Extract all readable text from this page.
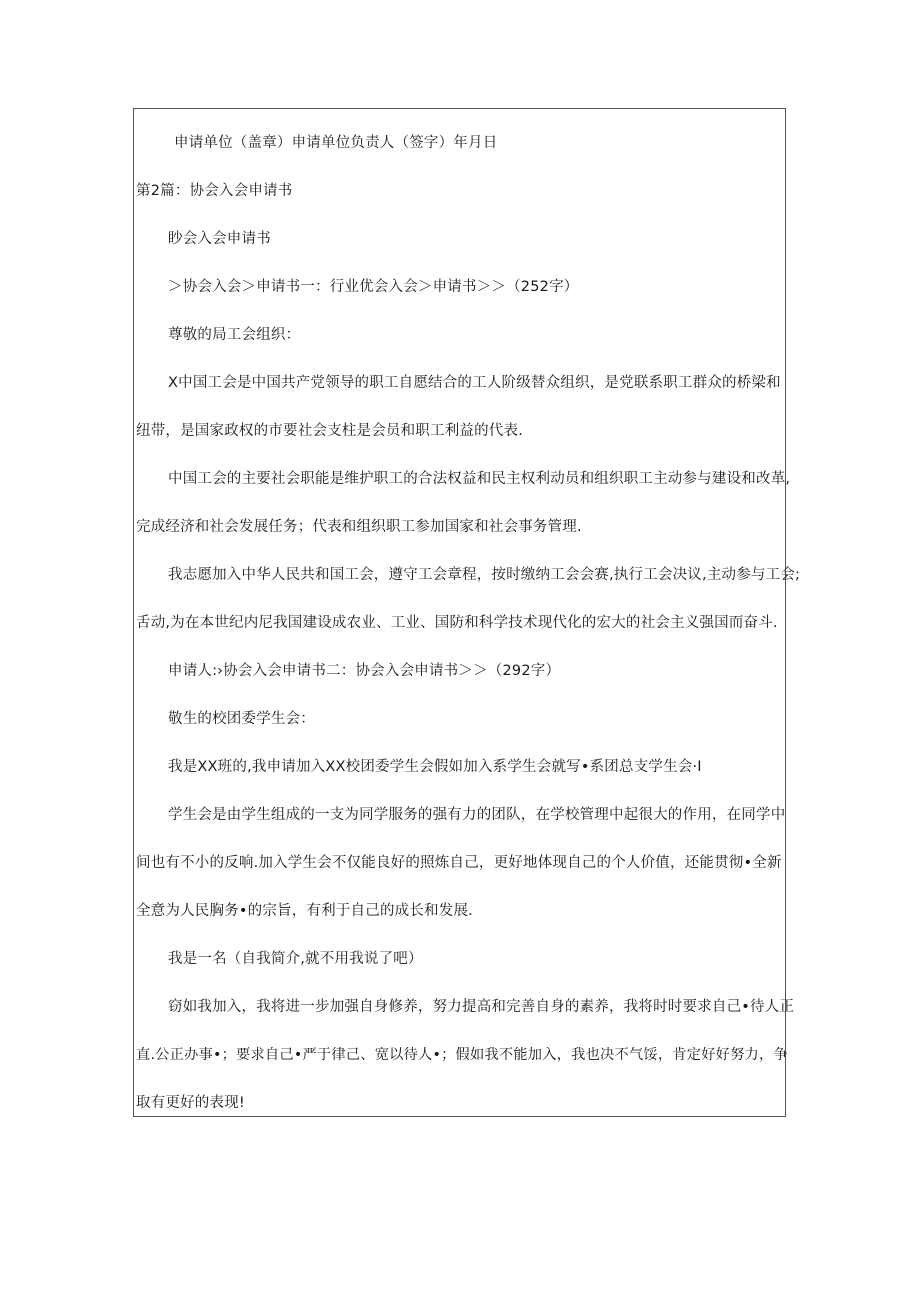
申请单位（盖章）申请单位负责人（签字）年月日
第2篇：协会入会申请书
眇会入会申请书
＞协会入会＞申请书一：行业优会入会＞申请书＞＞（252字）
尊敬的局工会组织：
X中国工会是中国共产党领导的职工自愿结合的工人阶级替众组织，是党联系职工群众的桥梁和
纽带，是国家政权的市要社会支柱是会员和职工利益的代表.
中国工会的主要社会职能是维护职工的合法权益和民主权利动员和组织职工主动参与建设和改革,
完成经济和社会发展任务；代表和组织职工参加国家和社会事务管理.
我志愿加入中华人民共和国工会，遵守工会章程，按时缴纳工会会赛,执行工会决议,主动参与工会;
舌动,为在本世纪内尼我国建设成农业、工业、国防和科学技术现代化的宏大的社会主义强国而奋斗.
申请人:›协会入会申请书二：协会入会申请书＞＞（292字）
敬生的校团委学生会：
我是XX班的,我申请加入XX校团委学生会假如加入系学生会就写•系团总支学生会·I
学生会是由学生组成的一支为同学服务的强有力的团队，在学校管理中起很大的作用，在同学中
间也有不小的反响.加入学生会不仅能良好的照炼自己，更好地体现自己的个人价值，还能贯彻•全新
全意为人民胸务•的宗旨，有利于自己的成长和发展.
我是一名（自我简介,就不用我说了吧）
窃如我加入，我将进一步加强自身修养，努力提高和完善自身的素养，我将时时要求自己•待人正
直.公正办事•；要求自己•严于律己、宽以待人•；假如我不能加入，我也决不气馁，肯定好好努力，争
取有更好的表现!
